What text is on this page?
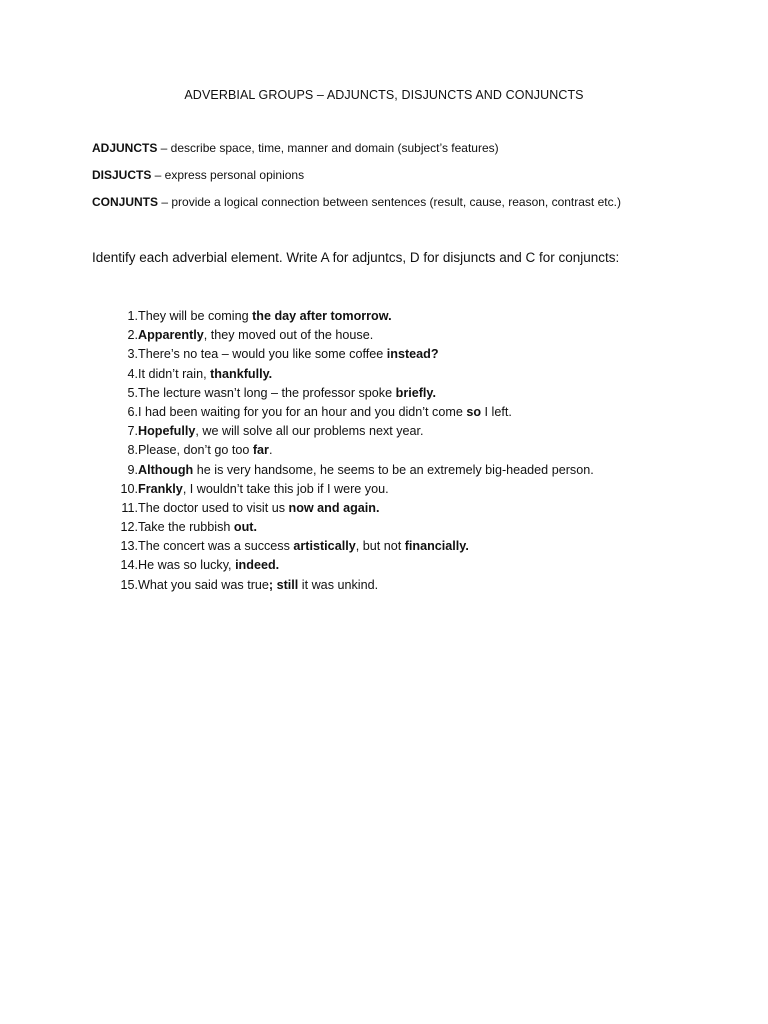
ADVERBIAL GROUPS – ADJUNCTS, DISJUNCTS AND CONJUNCTS
ADJUNCTS – describe space, time, manner and domain (subject’s features)
DISJUCTS – express personal opinions
CONJUNTS – provide a logical connection between sentences (result, cause, reason, contrast etc.)
Identify each adverbial element. Write A for adjuntcs, D for disjuncts and C for conjuncts:
1. They will be coming the day after tomorrow.
2. Apparently, they moved out of the house.
3. There’s no tea – would you like some coffee instead?
4. It didn’t rain, thankfully.
5. The lecture wasn’t long – the professor spoke briefly.
6. I had been waiting for you for an hour and you didn’t come so I left.
7. Hopefully, we will solve all our problems next year.
8. Please, don’t go too far.
9. Although he is very handsome, he seems to be an extremely big-headed person.
10. Frankly, I wouldn’t take this job if I were you.
11. The doctor used to visit us now and again.
12. Take the rubbish out.
13. The concert was a success artistically, but not financially.
14. He was so lucky, indeed.
15. What you said was true; still it was unkind.
